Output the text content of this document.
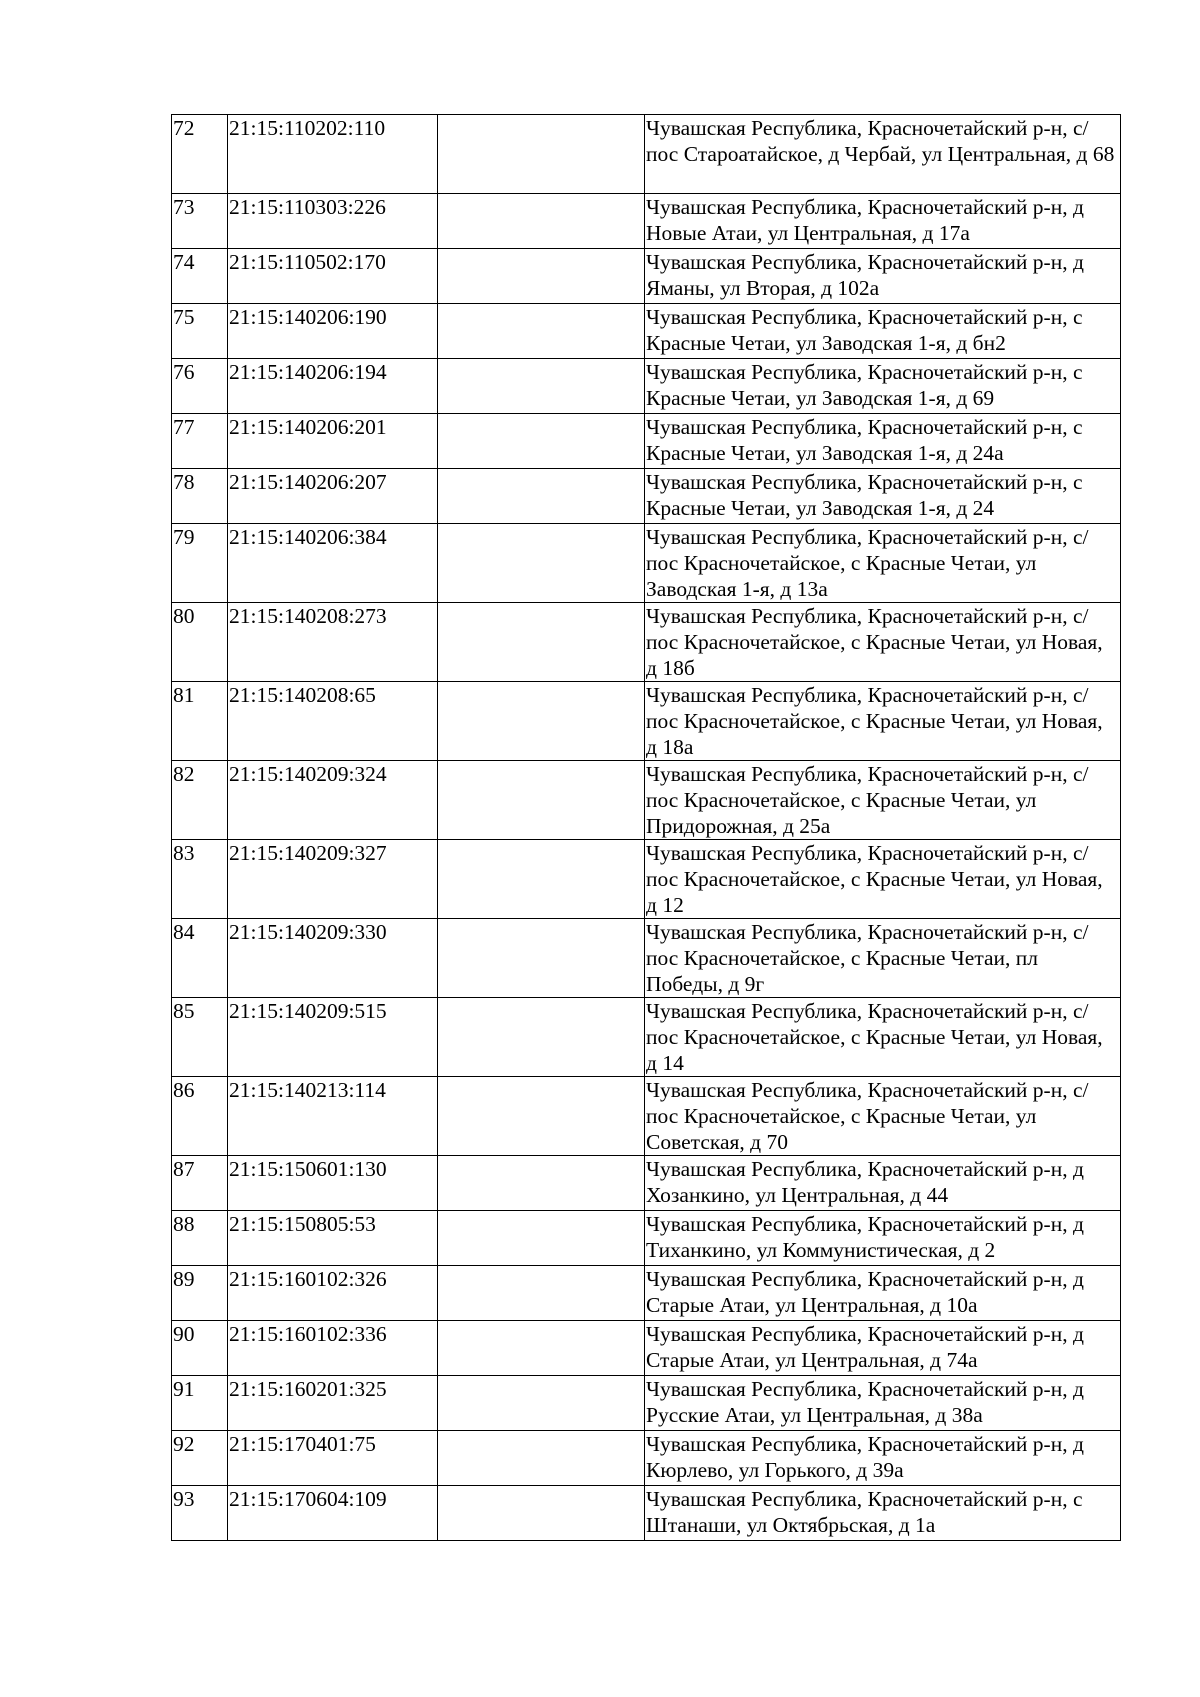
72	21:15:110202:110		Чувашская Республика, Красночетайский р-н, с/пос Староатайское, д Чербай, ул Центральная, д 68
73	21:15:110303:226		Чувашская Республика, Красночетайский р-н, д Новые Атаи, ул Центральная, д 17а
74	21:15:110502:170		Чувашская Республика, Красночетайский р-н, д Яманы, ул Вторая, д 102а
75	21:15:140206:190		Чувашская Республика, Красночетайский р-н, с Красные Четаи, ул Заводская 1-я, д бн2
76	21:15:140206:194		Чувашская Республика, Красночетайский р-н, с Красные Четаи, ул Заводская 1-я, д 69
77	21:15:140206:201		Чувашская Республика, Красночетайский р-н, с Красные Четаи, ул Заводская 1-я, д 24а
78	21:15:140206:207		Чувашская Республика, Красночетайский р-н, с Красные Четаи, ул Заводская 1-я, д 24
79	21:15:140206:384		Чувашская Республика, Красночетайский р-н, с/пос Красночетайское, с Красные Четаи, ул Заводская 1-я, д 13а
80	21:15:140208:273		Чувашская Республика, Красночетайский р-н, с/пос Красночетайское, с Красные Четаи, ул Новая, д 18б
81	21:15:140208:65		Чувашская Республика, Красночетайский р-н, с/пос Красночетайское, с Красные Четаи, ул Новая, д 18а
82	21:15:140209:324		Чувашская Республика, Красночетайский р-н, с/пос Красночетайское, с Красные Четаи, ул Придорожная, д 25а
83	21:15:140209:327		Чувашская Республика, Красночетайский р-н, с/пос Красночетайское, с Красные Четаи, ул Новая, д 12
84	21:15:140209:330		Чувашская Республика, Красночетайский р-н, с/пос Красночетайское, с Красные Четаи, пл Победы, д 9г
85	21:15:140209:515		Чувашская Республика, Красночетайский р-н, с/пос Красночетайское, с Красные Четаи, ул Новая, д 14
86	21:15:140213:114		Чувашская Республика, Красночетайский р-н, с/пос Красночетайское, с Красные Четаи, ул Советская, д 70
87	21:15:150601:130		Чувашская Республика, Красночетайский р-н, д Хозанкино, ул Центральная, д 44
88	21:15:150805:53		Чувашская Республика, Красночетайский р-н, д Тиханкино, ул Коммунистическая, д 2
89	21:15:160102:326		Чувашская Республика, Красночетайский р-н, д Старые Атаи, ул Центральная, д 10а
90	21:15:160102:336		Чувашская Республика, Красночетайский р-н, д Старые Атаи, ул Центральная, д 74а
91	21:15:160201:325		Чувашская Республика, Красночетайский р-н, д Русские Атаи, ул Центральная, д 38а
92	21:15:170401:75		Чувашская Республика, Красночетайский р-н, д Кюрлево, ул Горького, д 39а
93	21:15:170604:109		Чувашская Республика, Красночетайский р-н, с Штанаши, ул Октябрьская, д 1а
